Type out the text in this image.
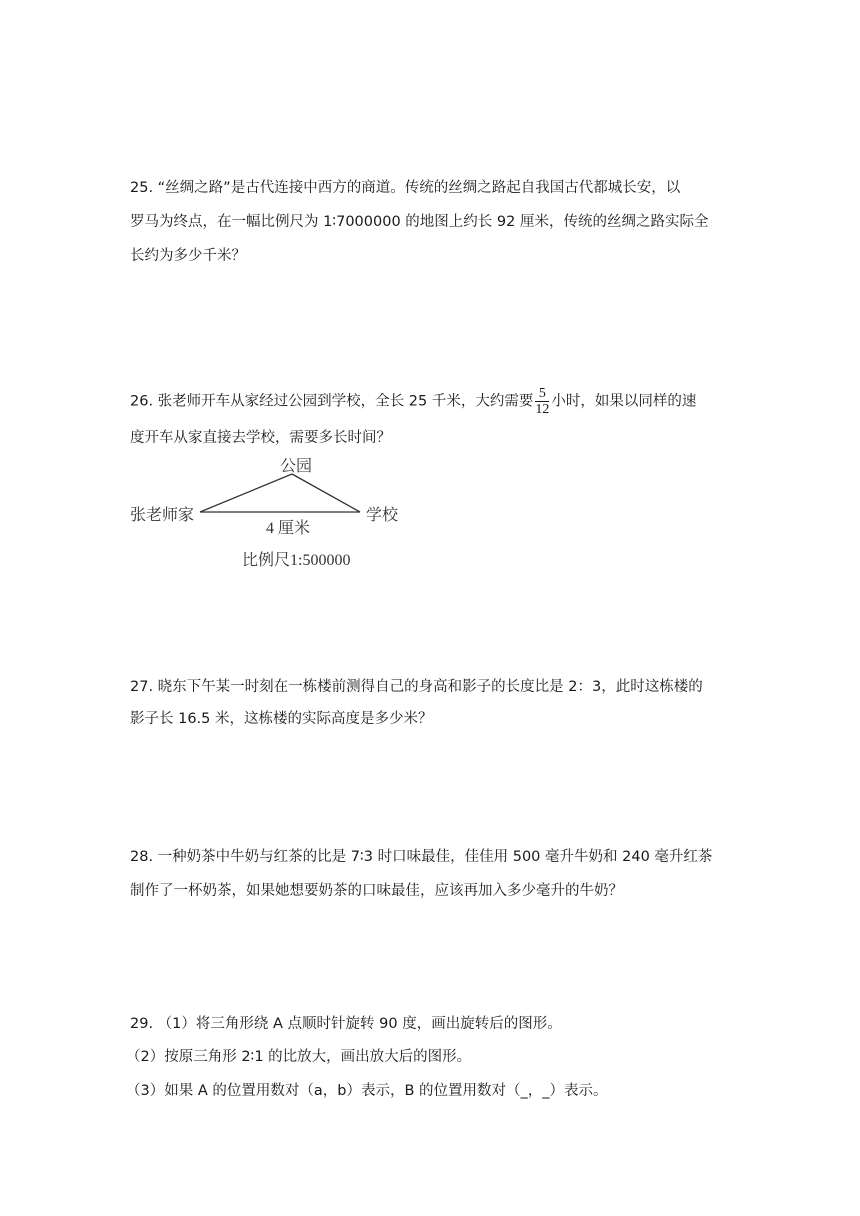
25. “丝绸之路”是古代连接中西方的商道。传统的丝绸之路起自我国古代都城长安，以
罗马为终点，在一幅比例尺为 1∶7000000 的地图上约长 92 厘米，传统的丝绸之路实际全
长约为多少千米？
26. 张老师开车从家经过公园到学校，全长 25 千米，大约需要 $\frac{5}{12}$ 小时，如果以同样的速
度开车从家直接去学校，需要多长时间？
公园
张老师家	学校
4 厘米
比例尺1:500000
27. 晓东下午某一时刻在一栋楼前测得自己的身高和影子的长度比是 2：3，此时这栋楼的
影子长 16.5 米，这栋楼的实际高度是多少米？
28. 一种奶茶中牛奶与红茶的比是 7∶3 时口味最佳，佳佳用 500 毫升牛奶和 240 毫升红茶
制作了一杯奶茶，如果她想要奶茶的口味最佳，应该再加入多少毫升的牛奶？
29. （1）将三角形绕 A 点顺时针旋转 90 度，画出旋转后的图形。
（2）按原三角形 2∶1 的比放大，画出放大后的图形。
（3）如果 A 的位置用数对（a，b）表示，B 的位置用数对（_，_）表示。
